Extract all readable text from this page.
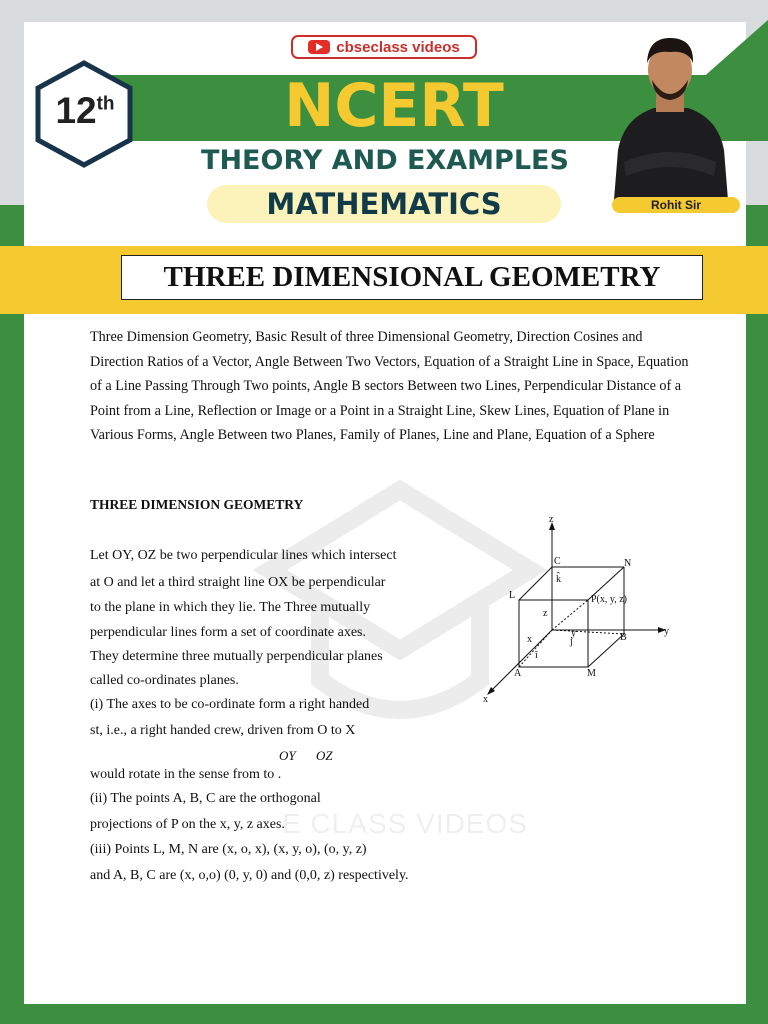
cbseclass videos
12th	NCERT
THEORY AND EXAMPLES
MATHEMATICS	Rohit Sir
THREE DIMENSIONAL GEOMETRY
E CLASS VIDEOS
Three Dimension Geometry, Basic Result of three Dimensional Geometry, Direction Cosines and Direction Ratios of a Vector, Angle Between Two Vectors, Equation of a Straight Line in Space, Equation of a Line Passing Through Two points, Angle B sectors Between two Lines, Perpendicular Distance of a Point from a Line, Reflection or Image or a Point in a Straight Line, Skew Lines, Equation of Plane in Various Forms, Angle Between two Planes, Family of Planes, Line and Plane, Equation of a Sphere
THREE DIMENSION GEOMETRY
Let OY, OZ be two perpendicular lines which intersect
at O and let a third straight line OX be perpendicular
to the plane in which they lie. The Three mutually
perpendicular lines form a set of coordinate axes.
They determine three mutually perpendicular planes
called co-ordinates planes.
(i) The axes to be co-ordinate form a right handed
st, i.e., a right handed crew, driven from O to X
OY OZ
would rotate in the sense from to .
(ii) The points A, B, C are the orthogonal
projections of P on the x, y, z axes.
(iii) Points L, M, N are (x, o, x), (x, y, o), (o, y, z)
and A, B, C are (x, o,o) (0, y, 0) and (0,0, z) respectively.
z
y
x
C	N
L	P(x, y, z)
B
A	M
k̂
j
î
z
x
y
